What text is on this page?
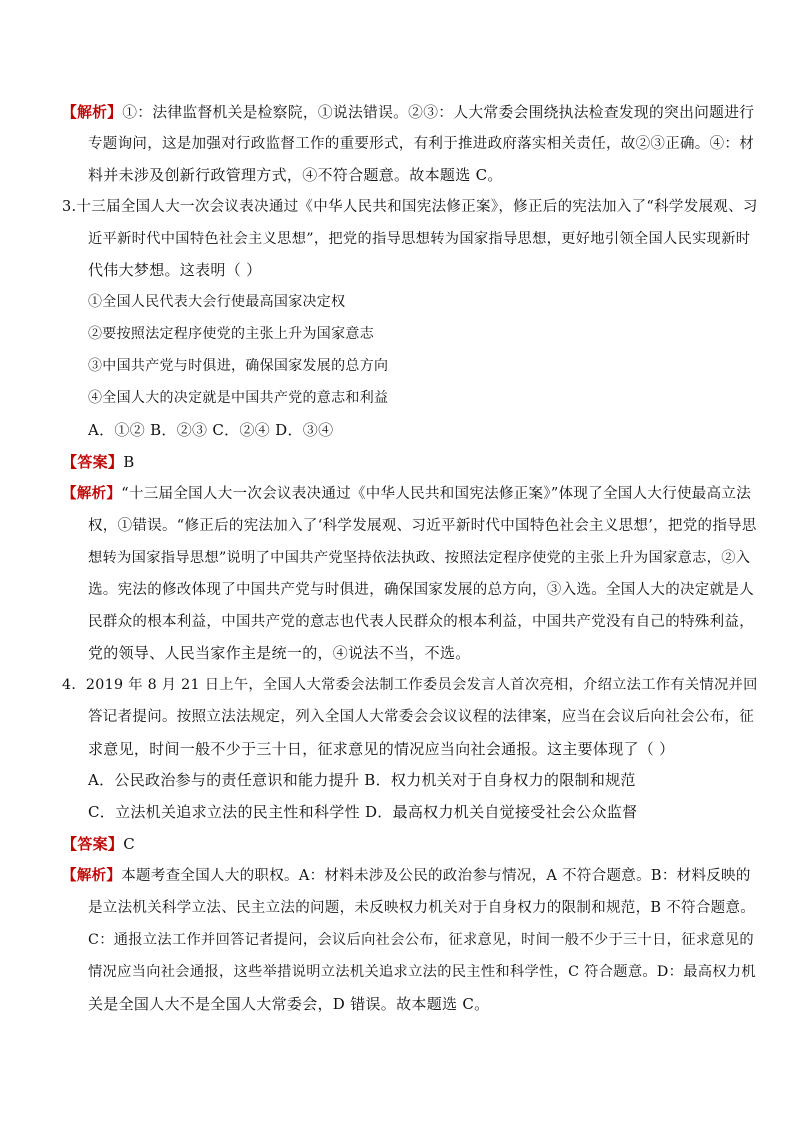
【解析】①：法律监督机关是检察院，①说法错误。②③：人大常委会围绕执法检查发现的突出问题进行
专题询问，这是加强对行政监督工作的重要形式，有利于推进政府落实相关责任，故②③正确。④：材
料并未涉及创新行政管理方式，④不符合题意。故本题选 C。
3.十三届全国人大一次会议表决通过《中华人民共和国宪法修正案》，修正后的宪法加入了“科学发展观、习
近平新时代中国特色社会主义思想”，把党的指导思想转为国家指导思想，更好地引领全国人民实现新时
代伟大梦想。这表明（ ）
①全国人民代表大会行使最高国家决定权
②要按照法定程序使党的主张上升为国家意志
③中国共产党与时俱进，确保国家发展的总方向
④全国人大的决定就是中国共产党的意志和利益
A．①② B．②③ C．②④ D．③④
【答案】B
【解析】“十三届全国人大一次会议表决通过《中华人民共和国宪法修正案》”体现了全国人大行使最高立法
权，①错误。“修正后的宪法加入了‘科学发展观、习近平新时代中国特色社会主义思想’，把党的指导思
想转为国家指导思想”说明了中国共产党坚持依法执政、按照法定程序使党的主张上升为国家意志，②入
选。宪法的修改体现了中国共产党与时俱进，确保国家发展的总方向，③入选。全国人大的决定就是人
民群众的根本利益，中国共产党的意志也代表人民群众的根本利益，中国共产党没有自己的特殊利益，
党的领导、人民当家作主是统一的，④说法不当，不选。
4．2019 年 8 月 21 日上午，全国人大常委会法制工作委员会发言人首次亮相，介绍立法工作有关情况并回
答记者提问。按照立法法规定，列入全国人大常委会会议议程的法律案，应当在会议后向社会公布，征
求意见，时间一般不少于三十日，征求意见的情况应当向社会通报。这主要体现了（ ）
A．公民政治参与的责任意识和能力提升 B．权力机关对于自身权力的限制和规范
C．立法机关追求立法的民主性和科学性 D．最高权力机关自觉接受社会公众监督
【答案】C
【解析】本题考查全国人大的职权。A：材料未涉及公民的政治参与情况，A 不符合题意。B：材料反映的
是立法机关科学立法、民主立法的问题，未反映权力机关对于自身权力的限制和规范，B 不符合题意。
C：通报立法工作并回答记者提问，会议后向社会公布，征求意见，时间一般不少于三十日，征求意见的
情况应当向社会通报，这些举措说明立法机关追求立法的民主性和科学性，C 符合题意。D：最高权力机
关是全国人大不是全国人大常委会，D 错误。故本题选 C。
